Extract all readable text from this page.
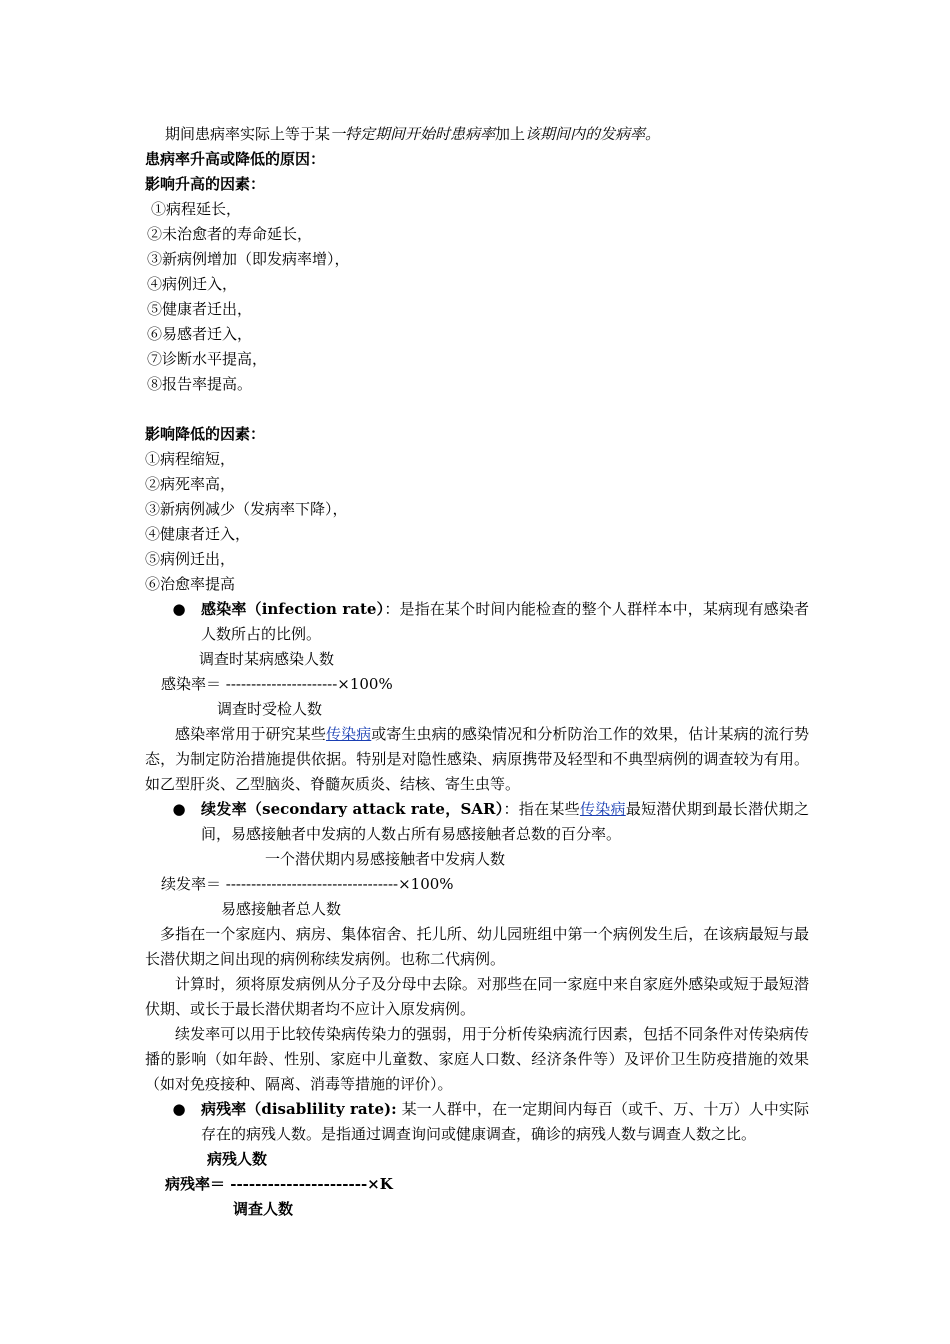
期间患病率实际上等于某一特定期间开始时患病率加上该期间内的发病率。
患病率升高或降低的原因：
影响升高的因素：
①病程延长，
②未治愈者的寿命延长，
③新病例增加（即发病率增），
④病例迁入，
⑤健康者迁出，
⑥易感者迁入，
⑦诊断水平提高，
⑧报告率提高。
影响降低的因素：
①病程缩短，
②病死率高，
③新病例减少（发病率下降），
④健康者迁入，
⑤病例迁出，
⑥治愈率提高
● 感染率（infection rate）：是指在某个时间内能检查的整个人群样本中，某病现有感染者人数所占的比例。
调查时某病感染人数
感染率＝ ----------------------×100%
调查时受检人数
感染率常用于研究某些传染病或寄生虫病的感染情况和分析防治工作的效果，估计某病的流行势态，为制定防治措施提供依据。特别是对隐性感染、病原携带及轻型和不典型病例的调查较为有用。如乙型肝炎、乙型脑炎、脊髓灰质炎、结核、寄生虫等。
● 续发率（secondary attack rate，SAR）：指在某些传染病最短潜伏期到最长潜伏期之间，易感接触者中发病的人数占所有易感接触者总数的百分率。
一个潜伏期内易感接触者中发病人数
续发率＝ ----------------------------------×100%
易感接触者总人数
多指在一个家庭内、病房、集体宿舍、托儿所、幼儿园班组中第一个病例发生后，在该病最短与最长潜伏期之间出现的病例称续发病例。也称二代病例。
计算时，须将原发病例从分子及分母中去除。对那些在同一家庭中来自家庭外感染或短于最短潜伏期、或长于最长潜伏期者均不应计入原发病例。
续发率可以用于比较传染病传染力的强弱，用于分析传染病流行因素，包括不同条件对传染病传播的影响（如年龄、性别、家庭中儿童数、家庭人口数、经济条件等）及评价卫生防疫措施的效果（如对免疫接种、隔离、消毒等措施的评价）。
● 病残率（disablility rate): 某一人群中，在一定期间内每百（或千、万、十万）人中实际存在的病残人数。是指通过调查询问或健康调查，确诊的病残人数与调查人数之比。
病残人数
病残率＝ ----------------------×K
调查人数
